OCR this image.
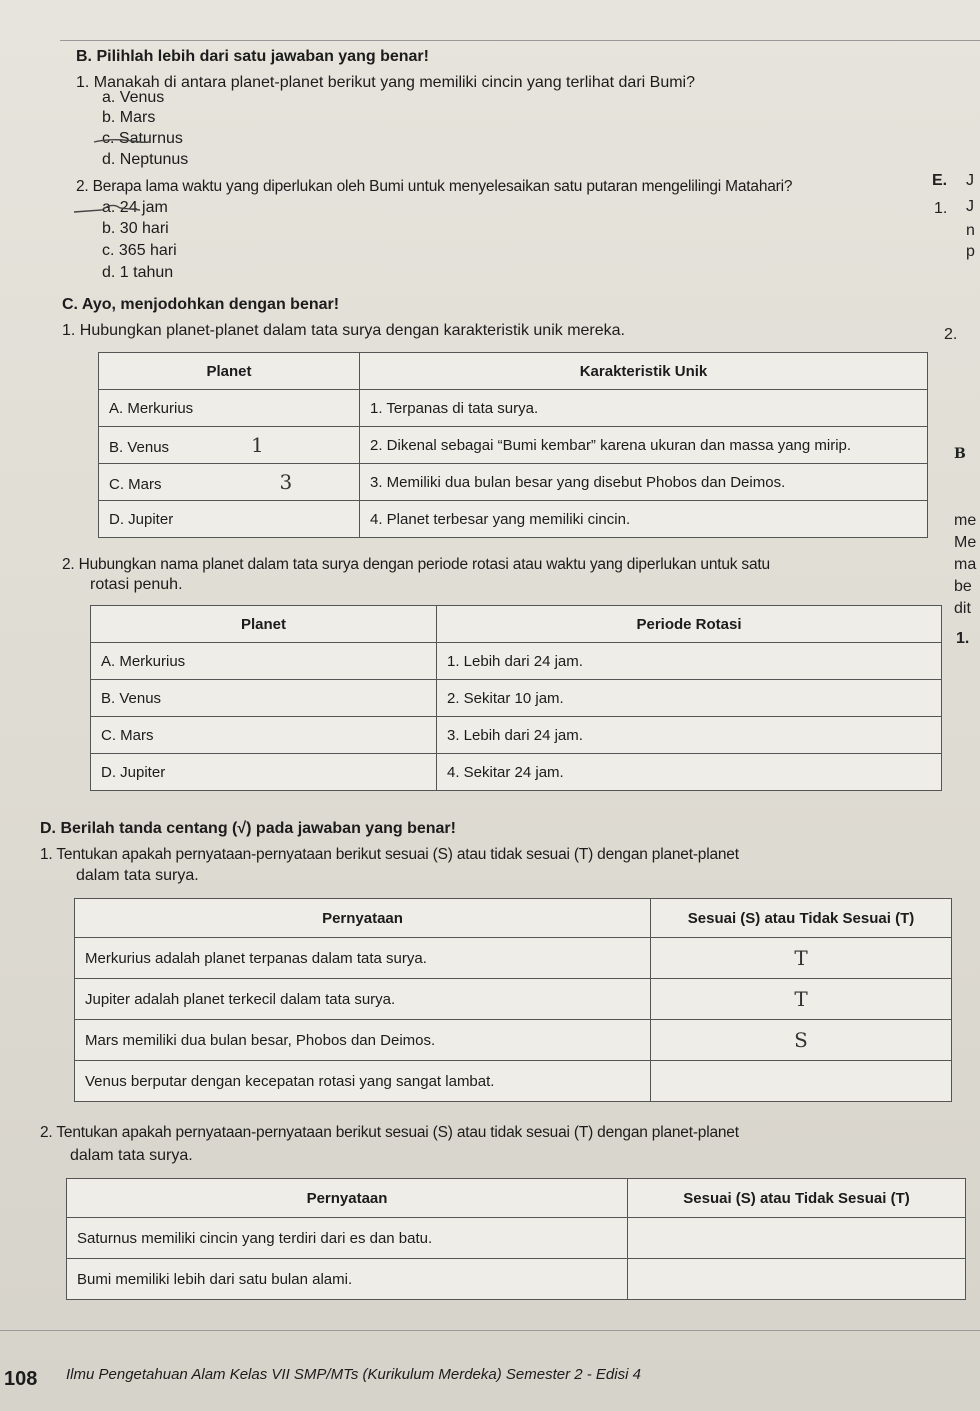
B. Pilihlah lebih dari satu jawaban yang benar!
1. Manakah di antara planet-planet berikut yang memiliki cincin yang terlihat dari Bumi?
a. Venus
b. Mars
c. Saturnus
d. Neptunus
2. Berapa lama waktu yang diperlukan oleh Bumi untuk menyelesaikan satu putaran mengelilingi Matahari?
a. 24 jam
b. 30 hari
c. 365 hari
d. 1 tahun
C. Ayo, menjodohkan dengan benar!
1. Hubungkan planet-planet dalam tata surya dengan karakteristik unik mereka.
Planet	Karakteristik Unik
A. Merkurius	1. Terpanas di tata surya.
B. Venus 1	2. Dikenal sebagai “Bumi kembar” karena ukuran dan massa yang mirip.
C. Mars 3	3. Memiliki dua bulan besar yang disebut Phobos dan Deimos.
D. Jupiter	4. Planet terbesar yang memiliki cincin.
2. Hubungkan nama planet dalam tata surya dengan periode rotasi atau waktu yang diperlukan untuk satu
rotasi penuh.
Planet	Periode Rotasi
A. Merkurius	1. Lebih dari 24 jam.
B. Venus	2. Sekitar 10 jam.
C. Mars	3. Lebih dari 24 jam.
D. Jupiter	4. Sekitar 24 jam.
D. Berilah tanda centang (√) pada jawaban yang benar!
1. Tentukan apakah pernyataan-pernyataan berikut sesuai (S) atau tidak sesuai (T) dengan planet-planet
dalam tata surya.
Pernyataan	Sesuai (S) atau Tidak Sesuai (T)
Merkurius adalah planet terpanas dalam tata surya.	T
Jupiter adalah planet terkecil dalam tata surya.	T
Mars memiliki dua bulan besar, Phobos dan Deimos.	S
Venus berputar dengan kecepatan rotasi yang sangat lambat.	
2. Tentukan apakah pernyataan-pernyataan berikut sesuai (S) atau tidak sesuai (T) dengan planet-planet
dalam tata surya.
Pernyataan	Sesuai (S) atau Tidak Sesuai (T)
Saturnus memiliki cincin yang terdiri dari es dan batu.	
Bumi memiliki lebih dari satu bulan alami.	
E. J
1. J
n
p
2.
B
me
Me
ma
be
dit
1.
108 Ilmu Pengetahuan Alam Kelas VII SMP/MTs (Kurikulum Merdeka) Semester 2 - Edisi 4
